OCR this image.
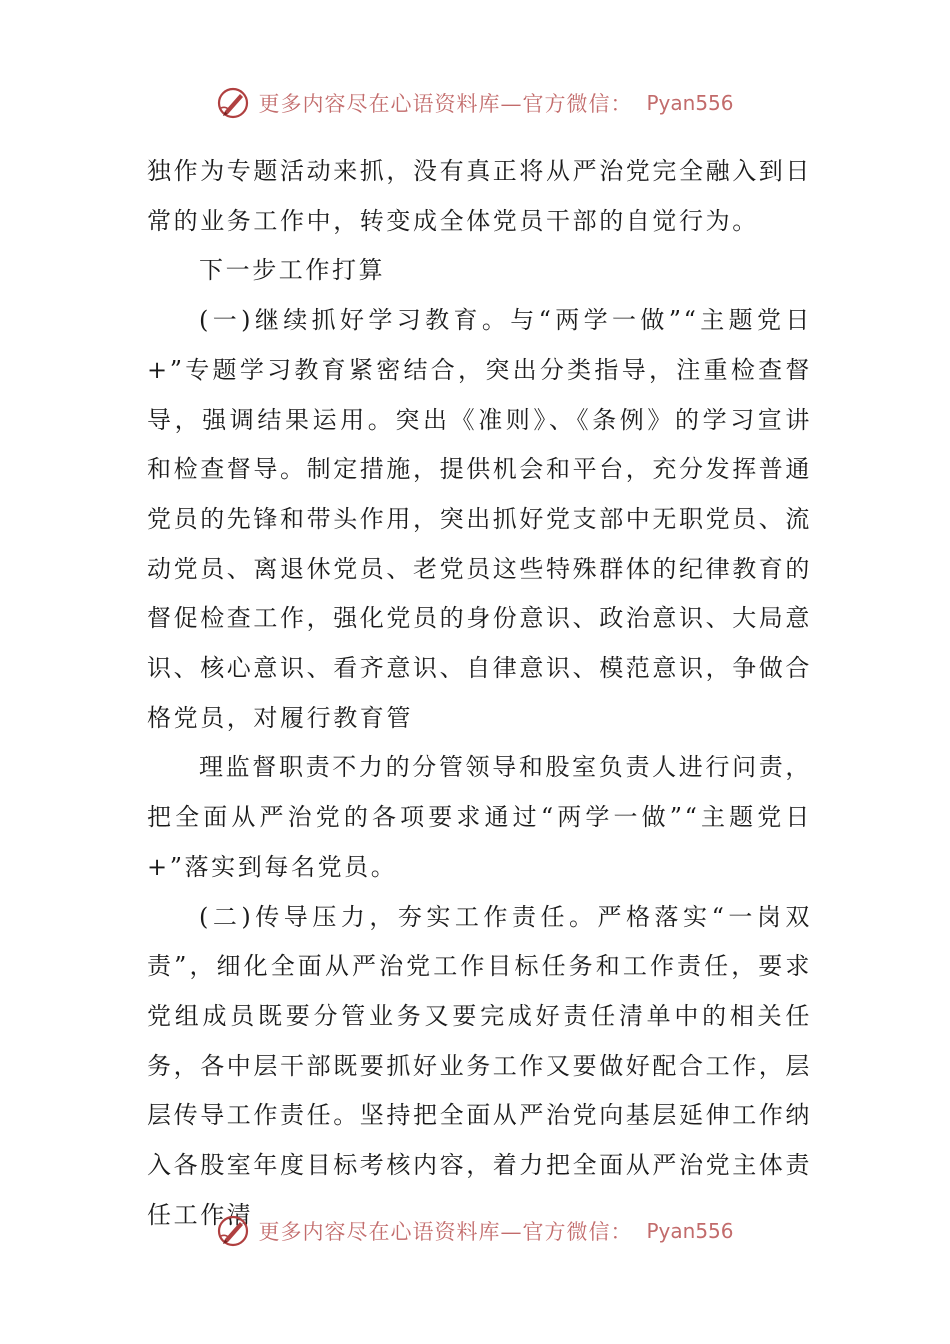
更多内容尽在心语资料库—官方微信： Pyan556

独作为专题活动来抓，没有真正将从严治党完全融入到日常的业务工作中，转变成全体党员干部的自觉行为。

下一步工作打算

(一)继续抓好学习教育。与“两学一做”“主题党日+”专题学习教育紧密结合，突出分类指导，注重检查督导，强调结果运用。突出《准则》、《条例》的学习宣讲和检查督导。制定措施，提供机会和平台，充分发挥普通党员的先锋和带头作用，突出抓好党支部中无职党员、流动党员、离退休党员、老党员这些特殊群体的纪律教育的督促检查工作，强化党员的身份意识、政治意识、大局意识、核心意识、看齐意识、自律意识、模范意识，争做合格党员，对履行教育管

理监督职责不力的分管领导和股室负责人进行问责，把全面从严治党的各项要求通过“两学一做”“主题党日+”落实到每名党员。

(二)传导压力，夯实工作责任。严格落实“一岗双责”，细化全面从严治党工作目标任务和工作责任，要求党组成员既要分管业务又要完成好责任清单中的相关任务，各中层干部既要抓好业务工作又要做好配合工作，层层传导工作责任。坚持把全面从严治党向基层延伸工作纳入各股室年度目标考核内容，着力把全面从严治党主体责任工作清

更多内容尽在心语资料库—官方微信： Pyan556
